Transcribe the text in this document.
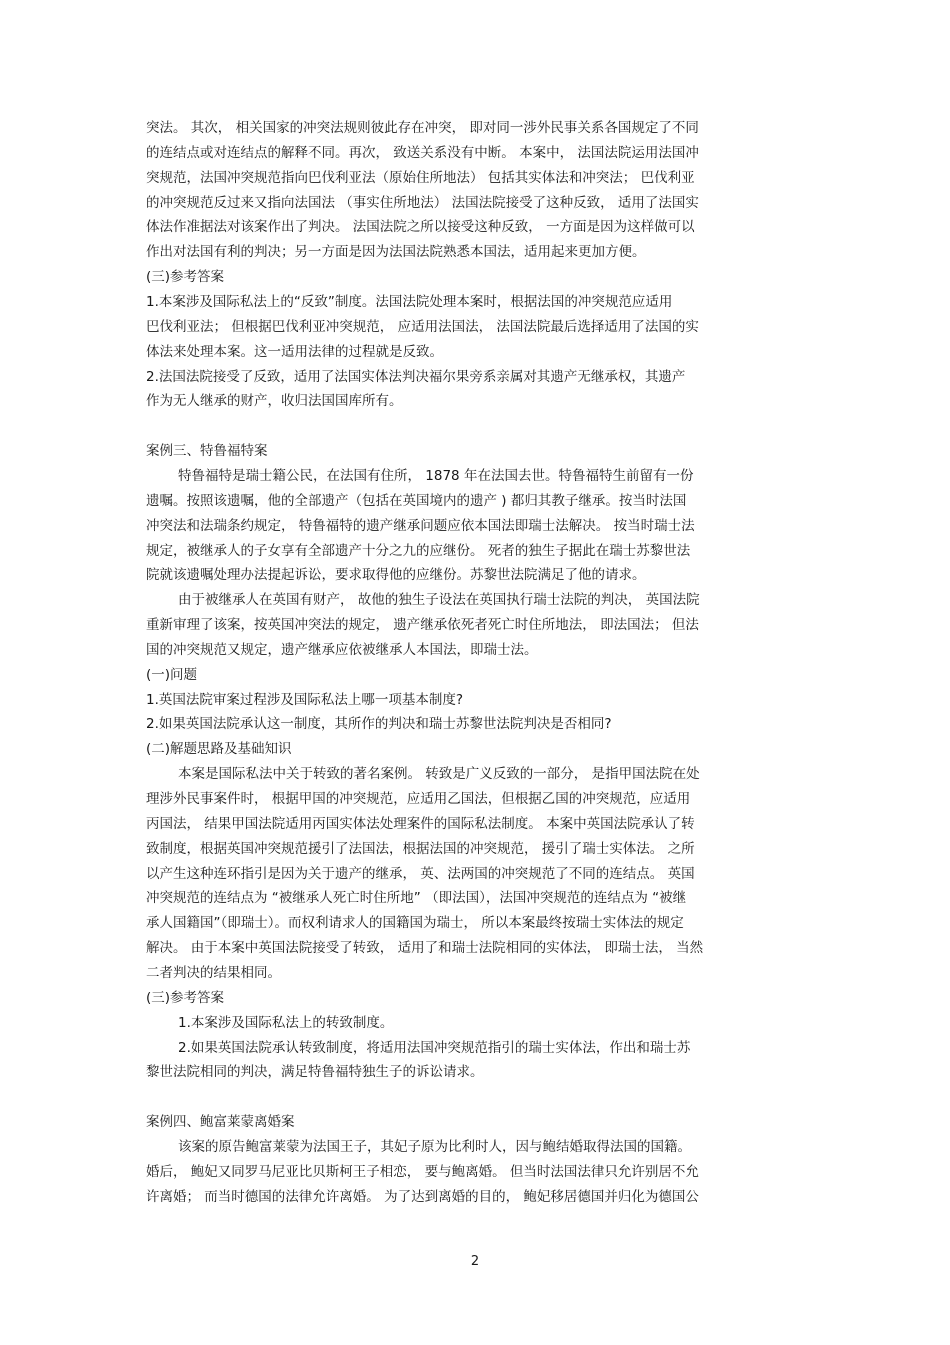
突法。 其次， 相关国家的冲突法规则彼此存在冲突， 即对同一涉外民事关系各国规定了不同

的连结点或对连结点的解释不同。再次， 致送关系没有中断。 本案中， 法国法院运用法国冲

突规范，法国冲突规范指向巴伐利亚法（原始住所地法） 包括其实体法和冲突法； 巴伐利亚

的冲突规范反过来又指向法国法 （事实住所地法） 法国法院接受了这种反致， 适用了法国实

体法作准据法对该案作出了判决。 法国法院之所以接受这种反致， 一方面是因为这样做可以

作出对法国有利的判决；另一方面是因为法国法院熟悉本国法，适用起来更加方便。

(三)参考答案

1.本案涉及国际私法上的“反致”制度。法国法院处理本案时，根据法国的冲突规范应适用

巴伐利亚法； 但根据巴伐利亚冲突规范， 应适用法国法， 法国法院最后选择适用了法国的实

体法来处理本案。这一适用法律的过程就是反致。

2.法国法院接受了反致，适用了法国实体法判决福尔果旁系亲属对其遗产无继承权，其遗产

作为无人继承的财产，收归法国国库所有。

案例三、特鲁福特案

特鲁福特是瑞士籍公民，在法国有住所， 1878 年在法国去世。特鲁福特生前留有一份

遗嘱。按照该遗嘱，他的全部遗产（包括在英国境内的遗产 ) 都归其教子继承。按当时法国

冲突法和法瑞条约规定， 特鲁福特的遗产继承问题应依本国法即瑞士法解决。 按当时瑞士法

规定，被继承人的子女享有全部遗产十分之九的应继份。 死者的独生子据此在瑞士苏黎世法

院就该遗嘱处理办法提起诉讼，要求取得他的应继份。苏黎世法院满足了他的请求。

由于被继承人在英国有财产， 故他的独生子设法在英国执行瑞士法院的判决， 英国法院

重新审理了该案，按英国冲突法的规定， 遗产继承依死者死亡时住所地法， 即法国法； 但法

国的冲突规范又规定，遗产继承应依被继承人本国法，即瑞士法。

(一)问题

1.英国法院审案过程涉及国际私法上哪一项基本制度?

2.如果英国法院承认这一制度，其所作的判决和瑞士苏黎世法院判决是否相同?

(二)解题思路及基础知识

本案是国际私法中关于转致的著名案例。 转致是广义反致的一部分， 是指甲国法院在处

理涉外民事案件时， 根据甲国的冲突规范，应适用乙国法，但根据乙国的冲突规范，应适用

丙国法， 结果甲国法院适用丙国实体法处理案件的国际私法制度。 本案中英国法院承认了转

致制度，根据英国冲突规范援引了法国法，根据法国的冲突规范， 援引了瑞士实体法。 之所

以产生这种连环指引是因为关于遗产的继承， 英、法两国的冲突规范了不同的连结点。 英国

冲突规范的连结点为 “被继承人死亡时住所地” （即法国），法国冲突规范的连结点为 “被继

承人国籍国”（即瑞士）。而权利请求人的国籍国为瑞士， 所以本案最终按瑞士实体法的规定

解决。 由于本案中英国法院接受了转致， 适用了和瑞士法院相同的实体法， 即瑞士法， 当然

二者判决的结果相同。

(三)参考答案

1.本案涉及国际私法上的转致制度。

2.如果英国法院承认转致制度，将适用法国冲突规范指引的瑞士实体法，作出和瑞士苏

黎世法院相同的判决，满足特鲁福特独生子的诉讼请求。

案例四、鲍富莱蒙离婚案

该案的原告鲍富莱蒙为法国王子，其妃子原为比利时人，因与鲍结婚取得法国的国籍。

婚后， 鲍妃又同罗马尼亚比贝斯柯王子相恋， 要与鲍离婚。 但当时法国法律只允许别居不允

许离婚； 而当时德国的法律允许离婚。 为了达到离婚的目的， 鲍妃移居德国并归化为德国公

2
